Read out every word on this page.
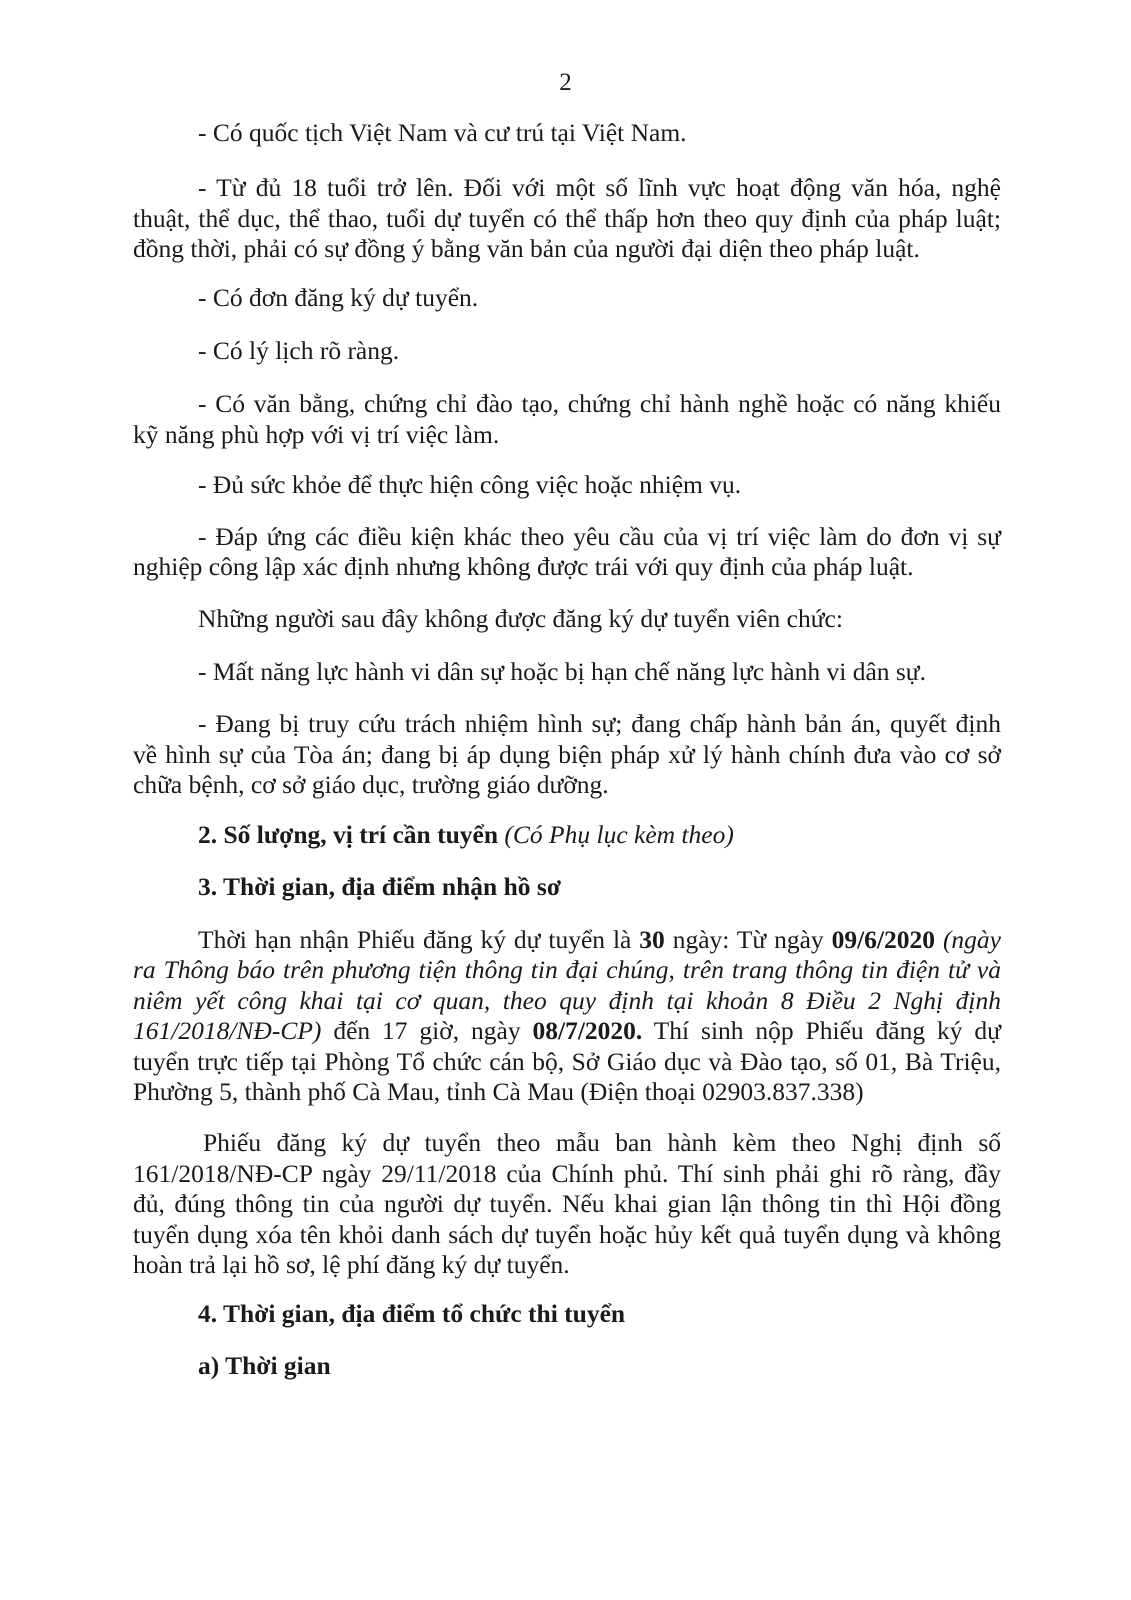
2
- Có quốc tịch Việt Nam và cư trú tại Việt Nam.
- Từ đủ 18 tuổi trở lên. Đối với một số lĩnh vực hoạt động văn hóa, nghệ
thuật, thể dục, thể thao, tuổi dự tuyển có thể thấp hơn theo quy định của pháp luật;
đồng thời, phải có sự đồng ý bằng văn bản của người đại diện theo pháp luật.
- Có đơn đăng ký dự tuyển.
- Có lý lịch rõ ràng.
- Có văn bằng, chứng chỉ đào tạo, chứng chỉ hành nghề hoặc có năng khiếu
kỹ năng phù hợp với vị trí việc làm.
- Đủ sức khỏe để thực hiện công việc hoặc nhiệm vụ.
- Đáp ứng các điều kiện khác theo yêu cầu của vị trí việc làm do đơn vị sự
nghiệp công lập xác định nhưng không được trái với quy định của pháp luật.
Những người sau đây không được đăng ký dự tuyển viên chức:
- Mất năng lực hành vi dân sự hoặc bị hạn chế năng lực hành vi dân sự.
- Đang bị truy cứu trách nhiệm hình sự; đang chấp hành bản án, quyết định
về hình sự của Tòa án; đang bị áp dụng biện pháp xử lý hành chính đưa vào cơ sở
chữa bệnh, cơ sở giáo dục, trường giáo dưỡng.
2. Số lượng, vị trí cần tuyển (Có Phụ lục kèm theo)
3. Thời gian, địa điểm nhận hồ sơ
Thời hạn nhận Phiếu đăng ký dự tuyển là 30 ngày: Từ ngày 09/6/2020 (ngày
ra Thông báo trên phương tiện thông tin đại chúng, trên trang thông tin điện tử và
niêm yết công khai tại cơ quan, theo quy định tại khoản 8 Điều 2 Nghị định
161/2018/NĐ-CP) đến 17 giờ, ngày 08/7/2020. Thí sinh nộp Phiếu đăng ký dự
tuyển trực tiếp tại Phòng Tổ chức cán bộ, Sở Giáo dục và Đào tạo, số 01, Bà Triệu,
Phường 5, thành phố Cà Mau, tỉnh Cà Mau (Điện thoại 02903.837.338)
Phiếu đăng ký dự tuyển theo mẫu ban hành kèm theo Nghị định số
161/2018/NĐ-CP ngày 29/11/2018 của Chính phủ. Thí sinh phải ghi rõ ràng, đầy
đủ, đúng thông tin của người dự tuyển. Nếu khai gian lận thông tin thì Hội đồng
tuyển dụng xóa tên khỏi danh sách dự tuyển hoặc hủy kết quả tuyển dụng và không
hoàn trả lại hồ sơ, lệ phí đăng ký dự tuyển.
4. Thời gian, địa điểm tổ chức thi tuyển
a) Thời gian
